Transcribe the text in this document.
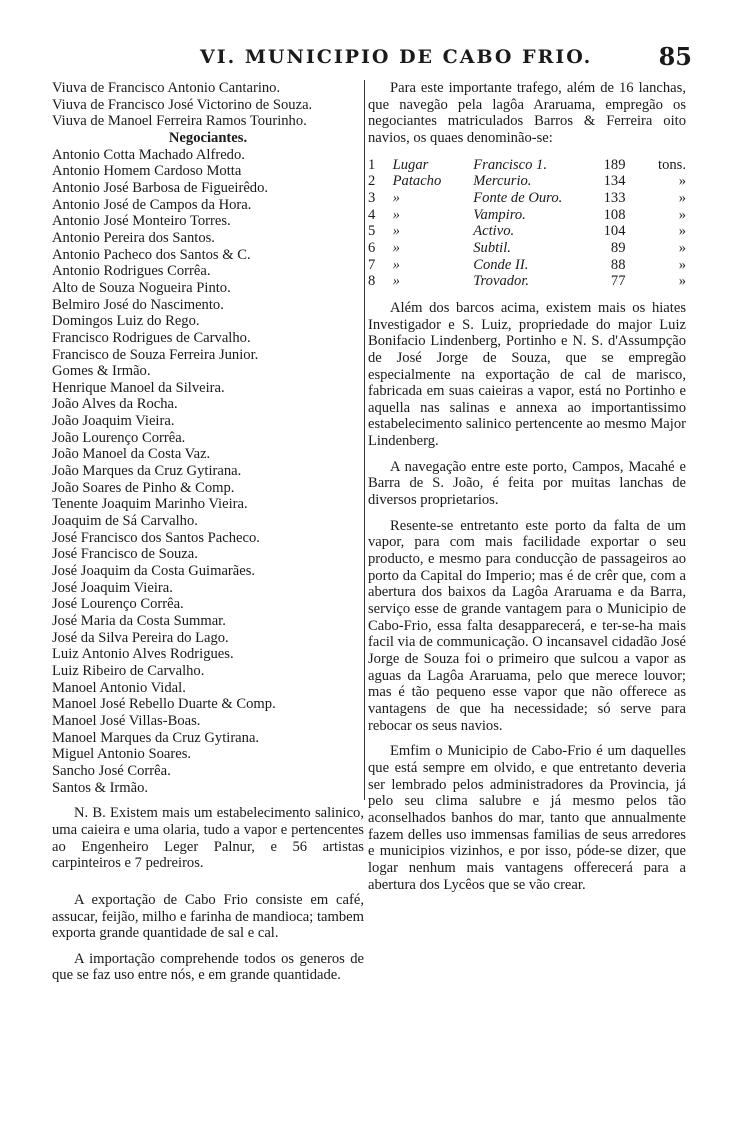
VI. MUNICIPIO DE CABO FRIO.	85
Viuva de Francisco Antonio Cantarino.
Viuva de Francisco José Victorino de Souza.
Viuva de Manoel Ferreira Ramos Tourinho.
Negociantes.
Antonio Cotta Machado Alfredo.
Antonio Homem Cardoso Motta
Antonio José Barbosa de Figueirêdo.
Antonio José de Campos da Hora.
Antonio José Monteiro Torres.
Antonio Pereira dos Santos.
Antonio Pacheco dos Santos & C.
Antonio Rodrigues Corrêa.
Alto de Souza Nogueira Pinto.
Belmiro José do Nascimento.
Domingos Luiz do Rego.
Francisco Rodrigues de Carvalho.
Francisco de Souza Ferreira Junior.
Gomes & Irmão.
Henrique Manoel da Silveira.
João Alves da Rocha.
João Joaquim Vieira.
João Lourenço Corrêa.
João Manoel da Costa Vaz.
João Marques da Cruz Gytirana.
João Soares de Pinho & Comp.
Tenente Joaquim Marinho Vieira.
Joaquim de Sá Carvalho.
José Francisco dos Santos Pacheco.
José Francisco de Souza.
José Joaquim da Costa Guimarães.
José Joaquim Vieira.
José Lourenço Corrêa.
José Maria da Costa Summar.
José da Silva Pereira do Lago.
Luiz Antonio Alves Rodrigues.
Luiz Ribeiro de Carvalho.
Manoel Antonio Vidal.
Manoel José Rebello Duarte & Comp.
Manoel José Villas-Boas.
Manoel Marques da Cruz Gytirana.
Miguel Antonio Soares.
Sancho José Corrêa.
Santos & Irmão.

N. B. Existem mais um estabelecimento salinico, uma caieira e uma olaria, tudo a vapor e pertencentes ao Engenheiro Leger Palnur, e 56 artistas carpinteiros e 7 pedreiros.

A exportação de Cabo Frio consiste em café, assucar, feijão, milho e farinha de mandioca; tambem exporta grande quantidade de sal e cal.

A importação comprehende todos os generos de que se faz uso entre nós, e em grande quantidade.

Para este importante trafego, além de 16 lanchas, que navegão pela lagôa Araruama, empregão os negociantes matriculados Barros & Ferreira oito navios, os quaes denominão-se:

1	Lugar	Francisco 1.	189	tons.
2	Patacho	Mercurio.	134	»
3	»	Fonte de Ouro.	133	»
4	»	Vampiro.	108	»
5	»	Activo.	104	»
6	»	Subtil.	89	»
7	»	Conde II.	88	»
8	»	Trovador.	77	»

Além dos barcos acima, existem mais os hiates Investigador e S. Luiz, propriedade do major Luiz Bonifacio Lindenberg, Portinho e N. S. d'Assumpção de José Jorge de Souza, que se empregão especialmente na exportação de cal de marisco, fabricada em suas caieiras a vapor, está no Portinho e aquella nas salinas e annexa ao importantissimo estabelecimento salinico pertencente ao mesmo Major Lindenberg.

A navegação entre este porto, Campos, Macahé e Barra de S. João, é feita por muitas lanchas de diversos proprietarios.

Resente-se entretanto este porto da falta de um vapor, para com mais facilidade exportar o seu producto, e mesmo para conducção de passageiros ao porto da Capital do Imperio; mas é de crêr que, com a abertura dos baixos da Lagôa Araruama e da Barra, serviço esse de grande vantagem para o Municipio de Cabo-Frio, essa falta desapparecerá, e ter-se-ha mais facil via de communicação. O incansavel cidadão José Jorge de Souza foi o primeiro que sulcou a vapor as aguas da Lagôa Araruama, pelo que merece louvor; mas é tão pequeno esse vapor que não offerece as vantagens de que ha necessidade; só serve para rebocar os seus navios.

Emfim o Municipio de Cabo-Frio é um daquelles que está sempre em olvido, e que entretanto deveria ser lembrado pelos administradores da Provincia, já pelo seu clima salubre e já mesmo pelos tão aconselhados banhos do mar, tanto que annualmente fazem delles uso immensas familias de seus arredores e municipios vizinhos, e por isso, póde-se dizer, que logar nenhum mais vantagens offerecerá para a abertura dos Lycêos que se vão crear.
